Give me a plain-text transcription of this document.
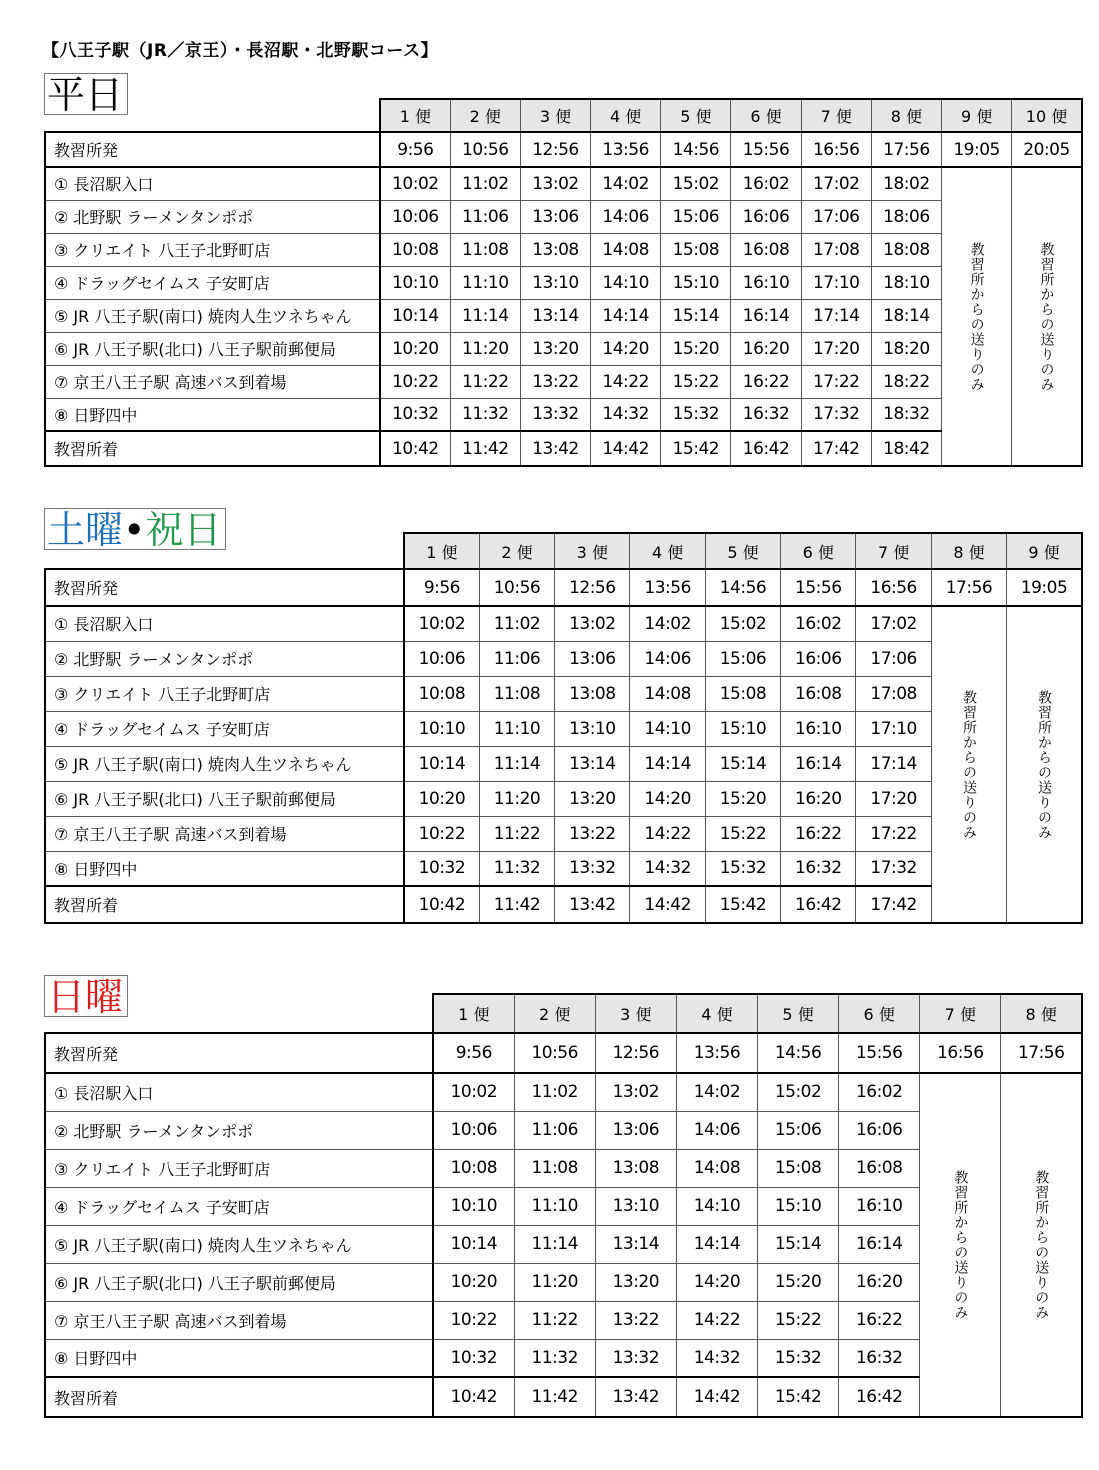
【八王子駅（JR／京王）・長沼駅・北野駅コース】
平日
		1 便	2 便	3 便	4 便	5 便	6 便	7 便	8 便	9 便	10 便
教習所発	9:56	10:56	12:56	13:56	14:56	15:56	16:56	17:56	19:05	20:05
① 長沼駅入口	10:02	11:02	13:02	14:02	15:02	16:02	17:02	18:02	教習所からの送りのみ	教習所からの送りのみ

② 北野駅 ラーメンタンポポ	10:06	11:06	13:06	14:06	15:06	16:06	17:06	18:06		
③ クリエイト 八王子北野町店	10:08	11:08	13:08	14:08	15:08	16:08	17:08	18:08		
④ ドラッグセイムス 子安町店	10:10	11:10	13:10	14:10	15:10	16:10	17:10	18:10		
⑤ JR 八王子駅(南口) 焼肉人生ツネちゃん	10:14	11:14	13:14	14:14	15:14	16:14	17:14	18:14		
⑥ JR 八王子駅(北口) 八王子駅前郵便局	10:20	11:20	13:20	14:20	15:20	16:20	17:20	18:20		
⑦ 京王八王子駅 高速バス到着場	10:22	11:22	13:22	14:22	15:22	16:22	17:22	18:22		
⑧ 日野四中	10:32	11:32	13:32	14:32	15:32	16:32	17:32	18:32		
教習所着	10:42	11:42	13:42	14:42	15:42	16:42	17:42	18:42		
土曜•祝日
		1 便	2 便	3 便	4 便	5 便	6 便	7 便	8 便	9 便
教習所発	9:56	10:56	12:56	13:56	14:56	15:56	16:56	17:56	19:05
① 長沼駅入口	10:02	11:02	13:02	14:02	15:02	16:02	17:02	教習所からの送りのみ	教習所からの送りのみ

② 北野駅 ラーメンタンポポ	10:06	11:06	13:06	14:06	15:06	16:06	17:06		
③ クリエイト 八王子北野町店	10:08	11:08	13:08	14:08	15:08	16:08	17:08		
④ ドラッグセイムス 子安町店	10:10	11:10	13:10	14:10	15:10	16:10	17:10		
⑤ JR 八王子駅(南口) 焼肉人生ツネちゃん	10:14	11:14	13:14	14:14	15:14	16:14	17:14		
⑥ JR 八王子駅(北口) 八王子駅前郵便局	10:20	11:20	13:20	14:20	15:20	16:20	17:20		
⑦ 京王八王子駅 高速バス到着場	10:22	11:22	13:22	14:22	15:22	16:22	17:22		
⑧ 日野四中	10:32	11:32	13:32	14:32	15:32	16:32	17:32		
教習所着	10:42	11:42	13:42	14:42	15:42	16:42	17:42		
日曜
		1 便	2 便	3 便	4 便	5 便	6 便	7 便	8 便
教習所発	9:56	10:56	12:56	13:56	14:56	15:56	16:56	17:56
① 長沼駅入口	10:02	11:02	13:02	14:02	15:02	16:02	教習所からの送りのみ	教習所からの送りのみ

② 北野駅 ラーメンタンポポ	10:06	11:06	13:06	14:06	15:06	16:06		
③ クリエイト 八王子北野町店	10:08	11:08	13:08	14:08	15:08	16:08		
④ ドラッグセイムス 子安町店	10:10	11:10	13:10	14:10	15:10	16:10		
⑤ JR 八王子駅(南口) 焼肉人生ツネちゃん	10:14	11:14	13:14	14:14	15:14	16:14		
⑥ JR 八王子駅(北口) 八王子駅前郵便局	10:20	11:20	13:20	14:20	15:20	16:20		
⑦ 京王八王子駅 高速バス到着場	10:22	11:22	13:22	14:22	15:22	16:22		
⑧ 日野四中	10:32	11:32	13:32	14:32	15:32	16:32		
教習所着	10:42	11:42	13:42	14:42	15:42	16:42		
